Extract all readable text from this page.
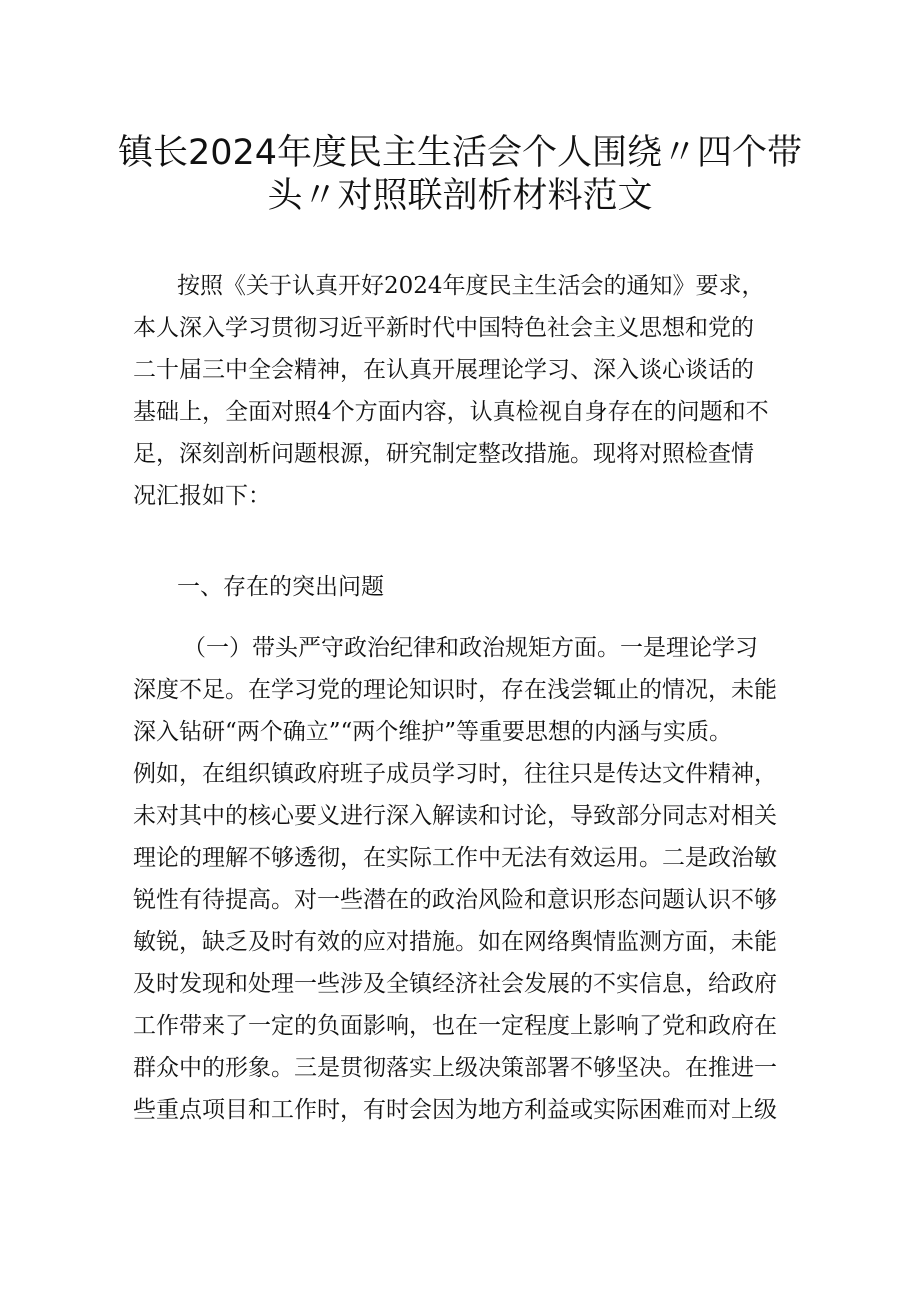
镇长2024年度民主生活会个人围绕〃四个带
头〃对照联剖析材料范文
按照《关于认真开好2024年度民主生活会的通知》要求，
本人深入学习贯彻习近平新时代中国特色社会主义思想和党的
二十届三中全会精神，在认真开展理论学习、深入谈心谈话的
基础上，全面对照4个方面内容，认真检视自身存在的问题和不
足，深刻剖析问题根源，研究制定整改措施。现将对照检查情
况汇报如下：
一、存在的突出问题
（一）带头严守政治纪律和政治规矩方面。一是理论学习
深度不足。在学习党的理论知识时，存在浅尝辄止的情况，未能
深入钻研“两个确立”“两个维护”等重要思想的内涵与实质。
例如，在组织镇政府班子成员学习时，往往只是传达文件精神，
未对其中的核心要义进行深入解读和讨论，导致部分同志对相关
理论的理解不够透彻，在实际工作中无法有效运用。二是政治敏
锐性有待提高。对一些潜在的政治风险和意识形态问题认识不够
敏锐，缺乏及时有效的应对措施。如在网络舆情监测方面，未能
及时发现和处理一些涉及全镇经济社会发展的不实信息，给政府
工作带来了一定的负面影响，也在一定程度上影响了党和政府在
群众中的形象。三是贯彻落实上级决策部署不够坚决。在推进一
些重点项目和工作时，有时会因为地方利益或实际困难而对上级
